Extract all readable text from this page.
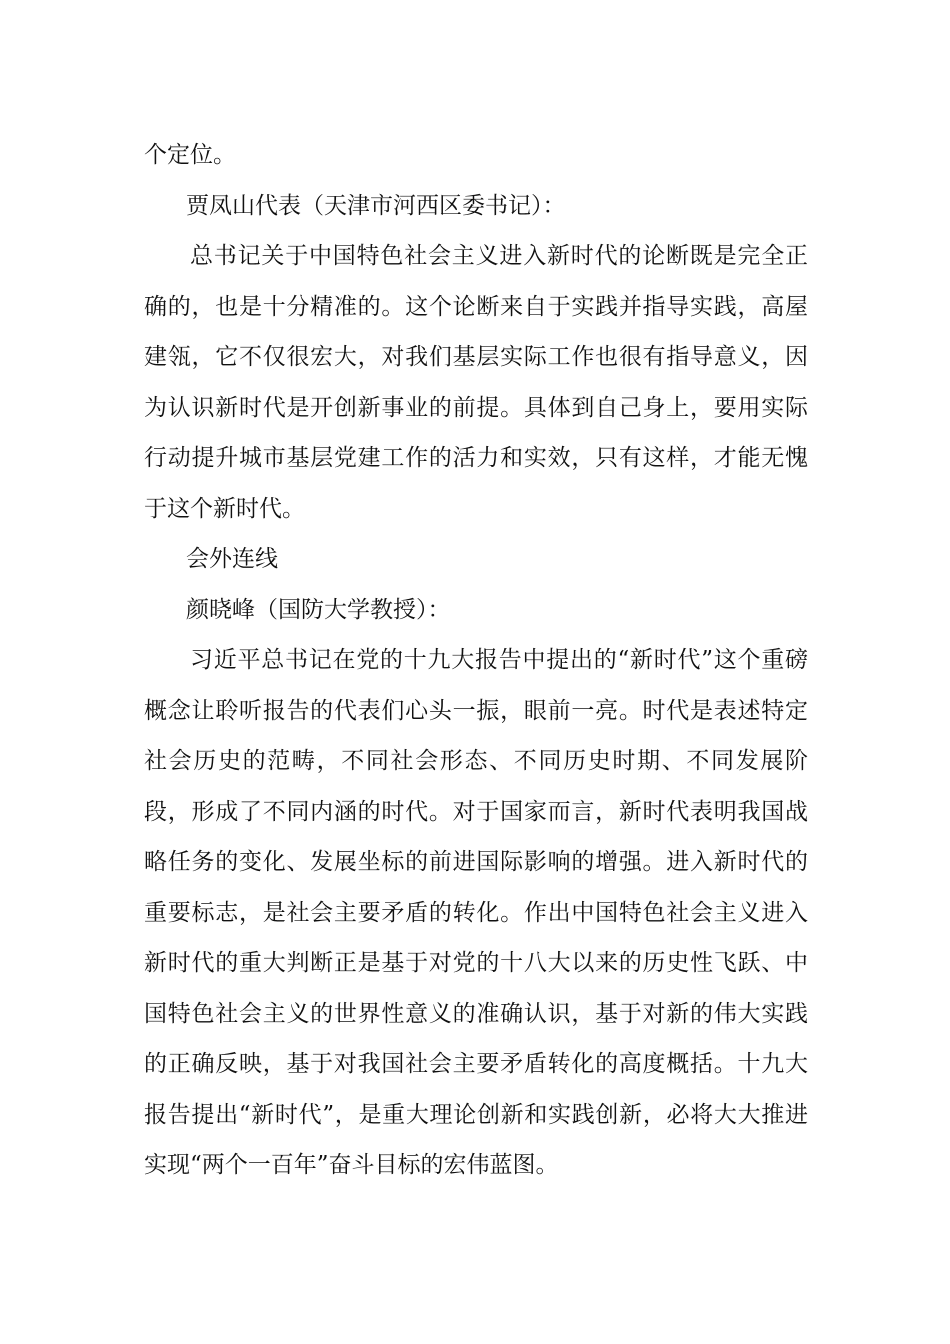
个定位。

贾凤山代表（天津市河西区委书记）：

总书记关于中国特色社会主义进入新时代的论断既是完全正确的，也是十分精准的。这个论断来自于实践并指导实践，高屋建瓴，它不仅很宏大，对我们基层实际工作也很有指导意义，因为认识新时代是开创新事业的前提。具体到自己身上，要用实际行动提升城市基层党建工作的活力和实效，只有这样，才能无愧于这个新时代。

会外连线

颜晓峰（国防大学教授）：

习近平总书记在党的十九大报告中提出的“新时代”这个重磅概念让聆听报告的代表们心头一振，眼前一亮。时代是表述特定社会历史的范畴，不同社会形态、不同历史时期、不同发展阶段，形成了不同内涵的时代。对于国家而言，新时代表明我国战略任务的变化、发展坐标的前进国际影响的增强。进入新时代的重要标志，是社会主要矛盾的转化。作出中国特色社会主义进入新时代的重大判断正是基于对党的十八大以来的历史性飞跃、中国特色社会主义的世界性意义的准确认识，基于对新的伟大实践的正确反映，基于对我国社会主要矛盾转化的高度概括。十九大报告提出“新时代”，是重大理论创新和实践创新，必将大大推进实现“两个一百年”奋斗目标的宏伟蓝图。
